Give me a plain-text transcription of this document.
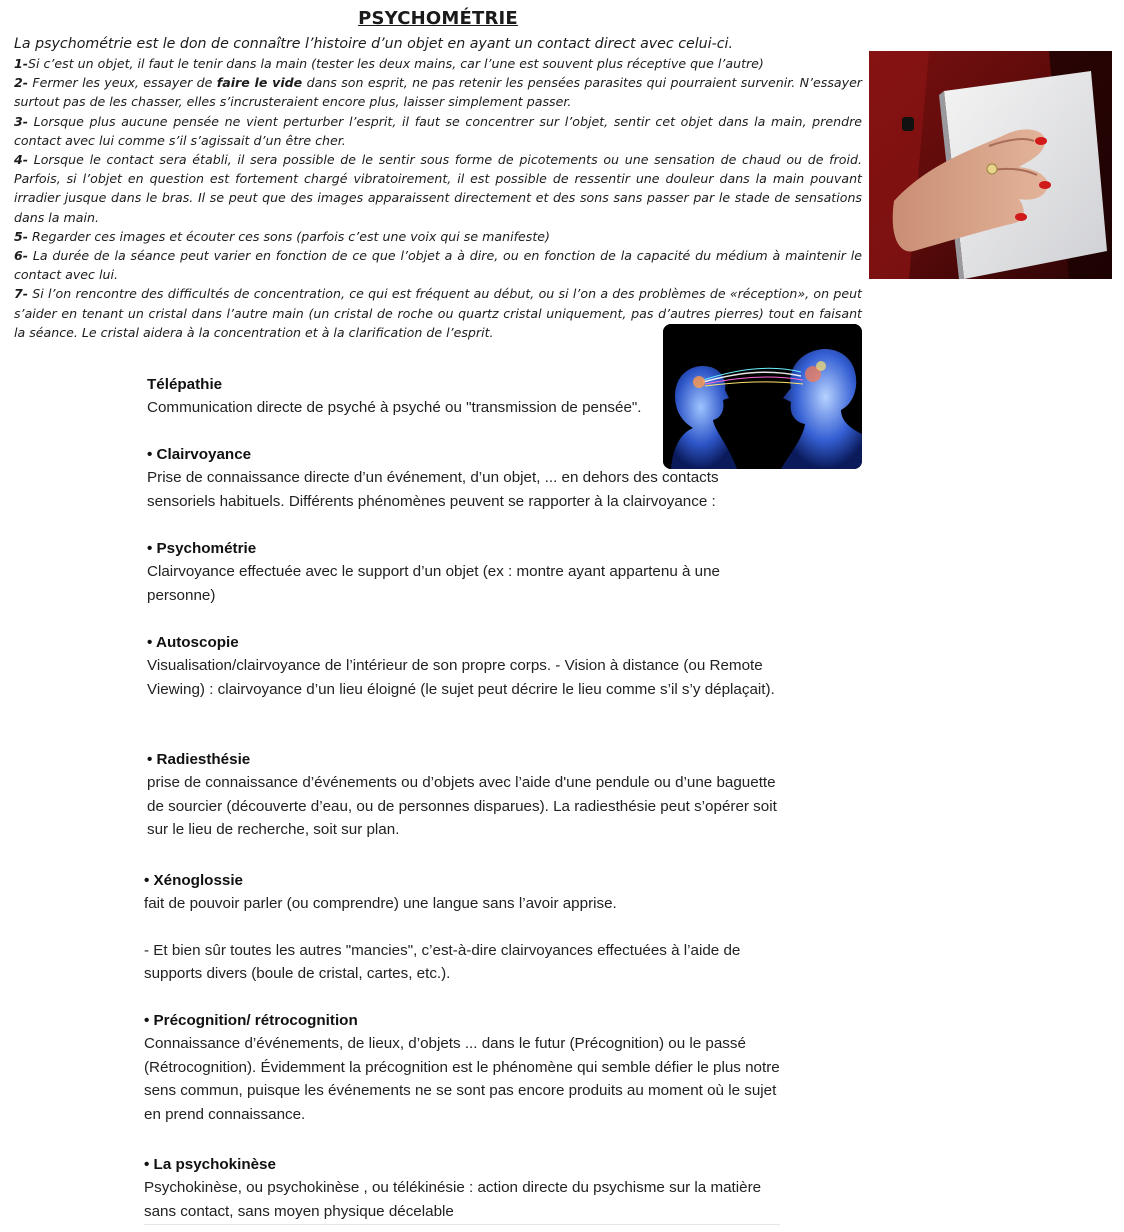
PSYCHOMÉTRIE

La psychométrie est le don de connaître l’histoire d’un objet en ayant un contact direct avec celui-ci.

1-Si c’est un objet, il faut le tenir dans la main (tester les deux mains, car l’une est souvent plus réceptive que l’autre)

2- Fermer les yeux, essayer de faire le vide dans son esprit, ne pas retenir les pensées parasites qui pourraient survenir. N’essayer surtout pas de les chasser, elles s’incrusteraient encore plus, laisser simplement passer.

3- Lorsque plus aucune pensée ne vient perturber l’esprit, il faut se concentrer sur l’objet, sentir cet objet dans la main, prendre contact avec lui comme s’il s’agissait d’un être cher.

4- Lorsque le contact sera établi, il sera possible de le sentir sous forme de picotements ou une sensation de chaud ou de froid. Parfois, si l’objet en question est fortement chargé vibratoirement, il est possible de ressentir une douleur dans la main pouvant irradier jusque dans le bras. Il se peut que des images apparaissent directement et des sons sans passer par le stade de sensations dans la main.

5- Regarder ces images et écouter ces sons (parfois c’est une voix qui se manifeste)

6- La durée de la séance peut varier en fonction de ce que l’objet a à dire, ou en fonction de la capacité du médium à maintenir le contact avec lui.

7- Si l’on rencontre des difficultés de concentration, ce qui est fréquent au début, ou si l’on a des problèmes de «réception», on peut s’aider en tenant un cristal dans l’autre main (un cristal de roche ou quartz cristal uniquement, pas d’autres pierres) tout en faisant la séance. Le cristal aidera à la concentration et à la clarification de l’esprit.

Télépathie

Communication directe de psyché à psyché ou "transmission de pensée".

• Clairvoyance

Prise de connaissance directe d’un événement, d’un objet, ... en dehors des contacts sensoriels habituels. Différents phénomènes peuvent se rapporter à la clairvoyance :

• Psychométrie

Clairvoyance effectuée avec le support d’un objet (ex : montre ayant appartenu à une personne)

• Autoscopie

Visualisation/clairvoyance de l’intérieur de son propre corps. - Vision à distance (ou Remote Viewing) : clairvoyance d’un lieu éloigné (le sujet peut décrire le lieu comme s’il s’y déplaçait).

• Radiesthésie

prise de connaissance d’événements ou d’objets avec l’aide d'une pendule ou d’une baguette de sourcier (découverte d’eau, ou de personnes disparues). La radiesthésie peut s’opérer soit sur le lieu de recherche, soit sur plan.

• Xénoglossie

fait de pouvoir parler (ou comprendre) une langue sans l’avoir apprise.

- Et bien sûr toutes les autres "mancies", c’est-à-dire clairvoyances effectuées à l’aide de supports divers (boule de cristal, cartes, etc.).

• Précognition/ rétrocognition

Connaissance d’événements, de lieux, d’objets ... dans le futur (Précognition) ou le passé (Rétrocognition). Évidemment la précognition est le phénomène qui semble défier le plus notre sens commun, puisque les événements ne se sont pas encore produits au moment où le sujet en prend connaissance.

• La psychokinèse

Psychokinèse, ou psychokinèse , ou télékinésie : action directe du psychisme sur la matière sans contact, sans moyen physique décelable
